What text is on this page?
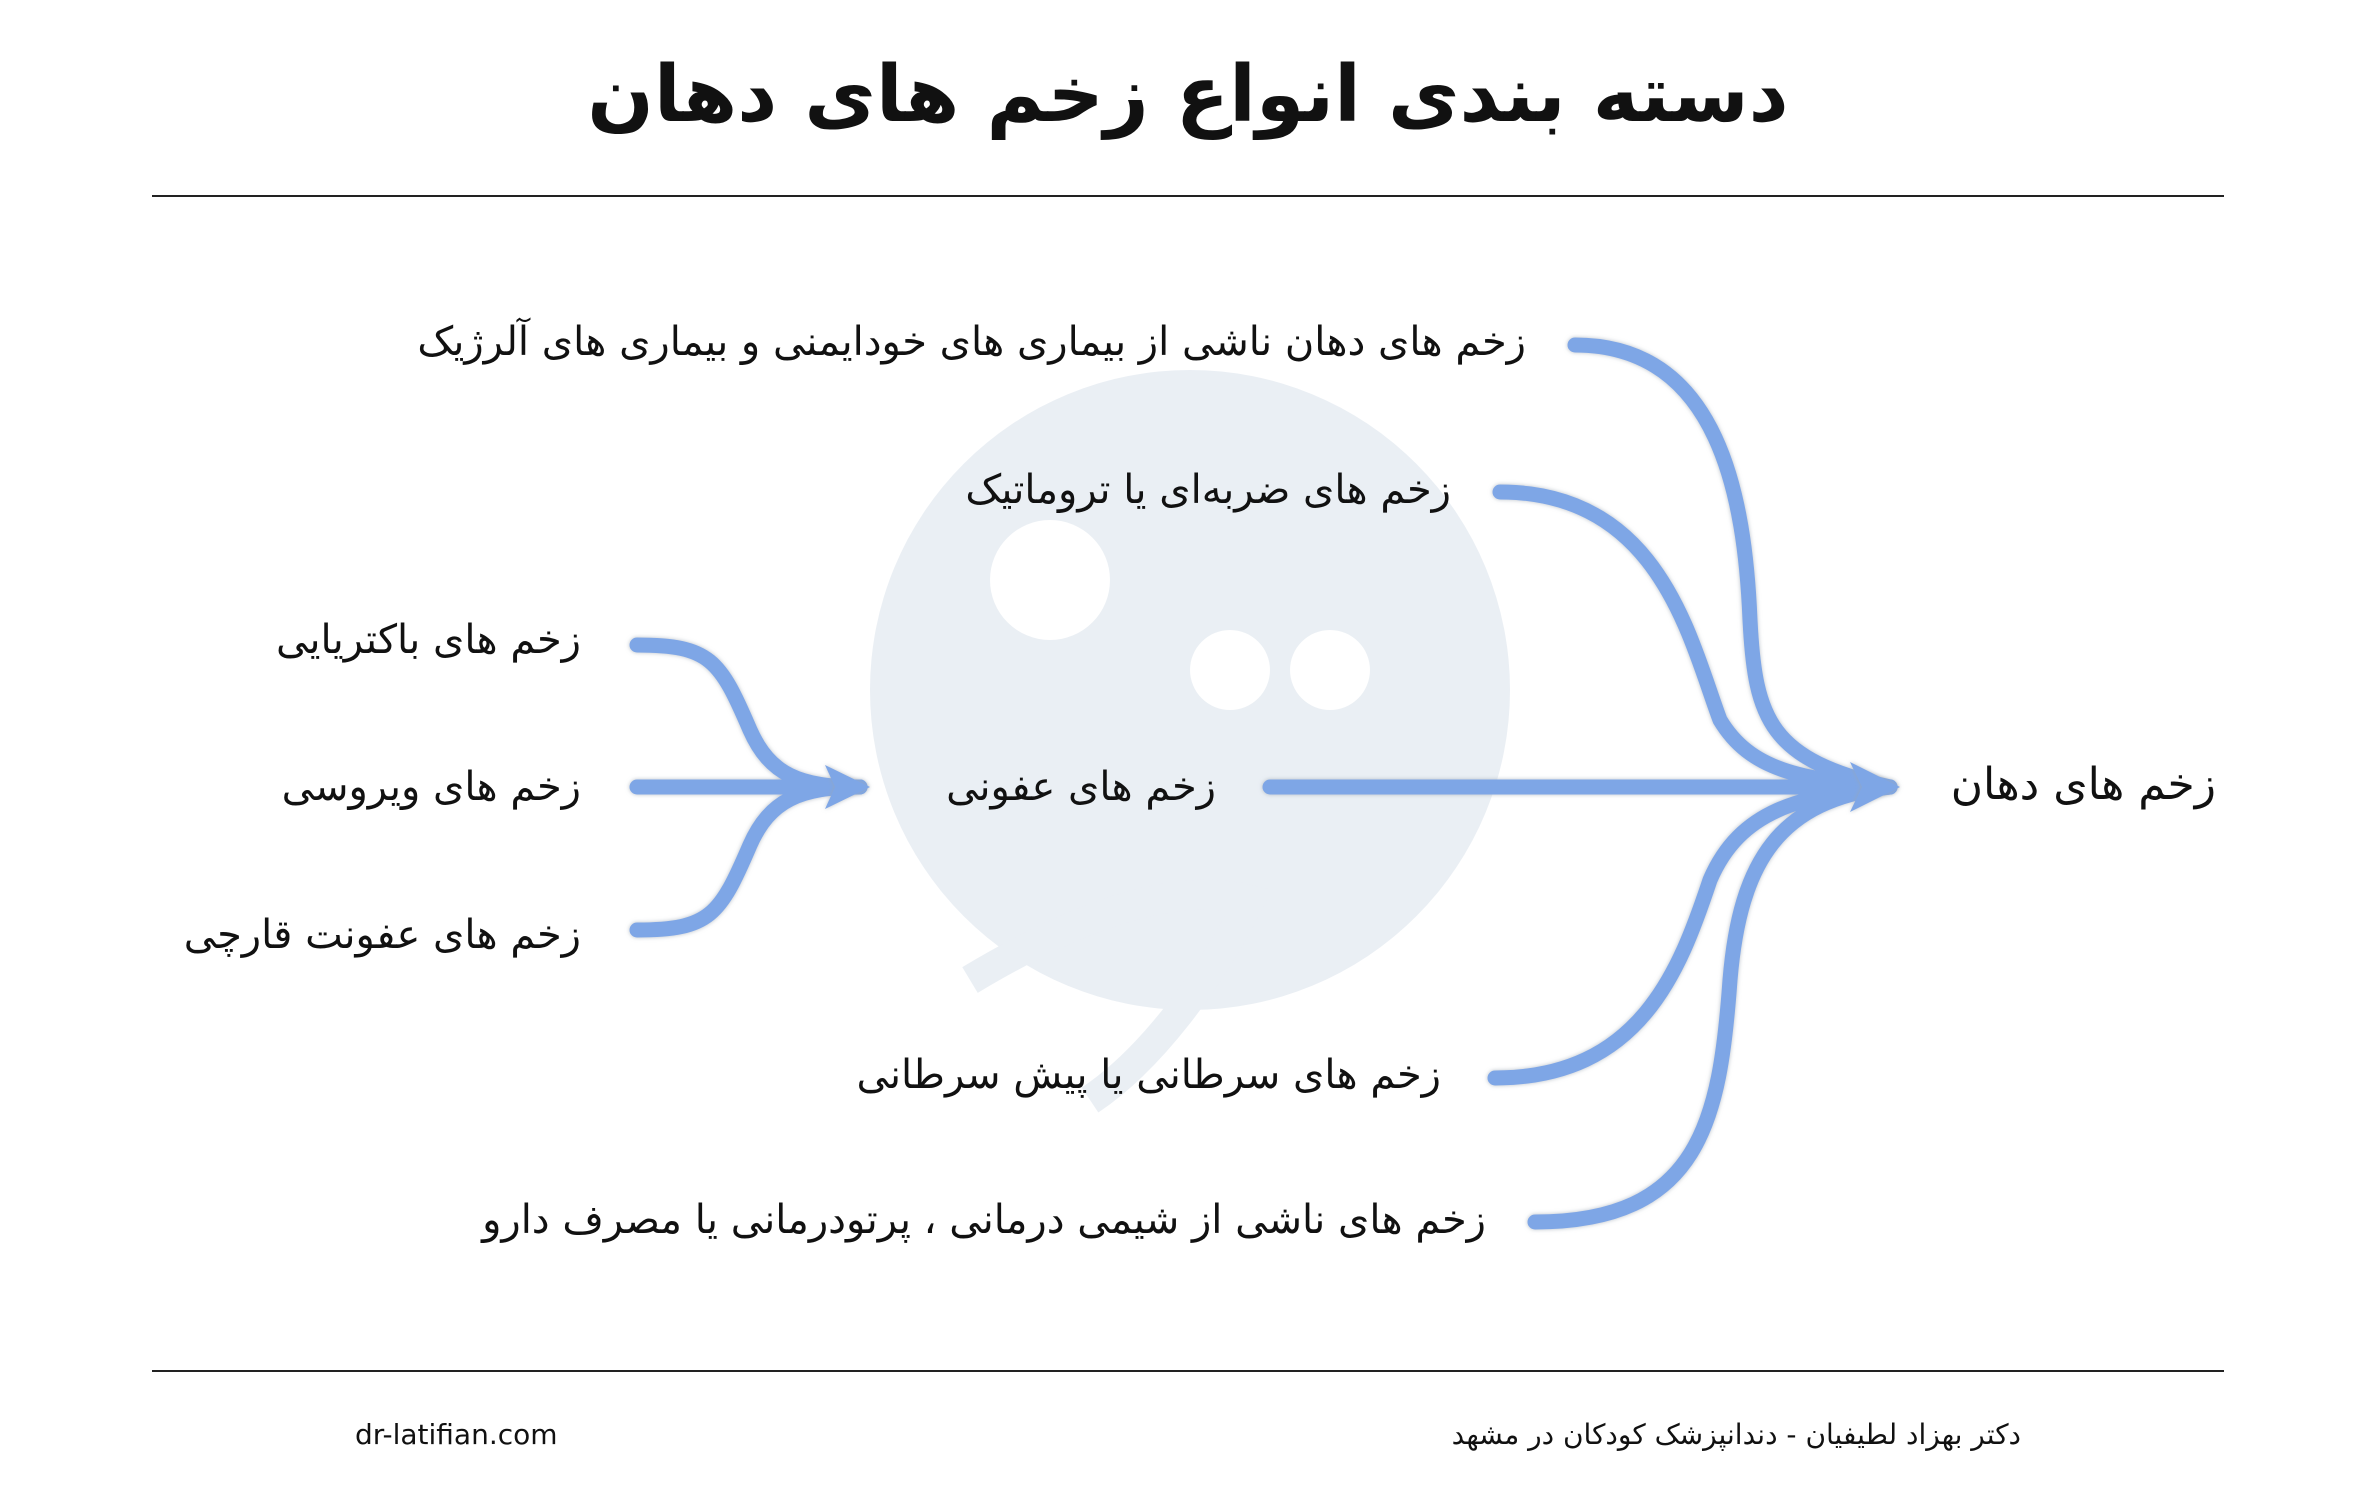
دسته بندی انواع زخم های دهان
زخم های دهان
زخم های عفونی
زخم های باکتریایی
زخم های ویروسی
زخم های عفونت قارچی
زخم های دهان ناشی از بیماری های خودایمنی و بیماری های آلرژیک
زخم های ضربه‌ای یا تروماتیک
زخم های سرطانی یا پیش سرطانی
زخم های ناشی از شیمی درمانی ، پرتودرمانی یا مصرف دارو
dr-latifian.com	دکتر بهزاد لطیفیان - دندانپزشک کودکان در مشهد
